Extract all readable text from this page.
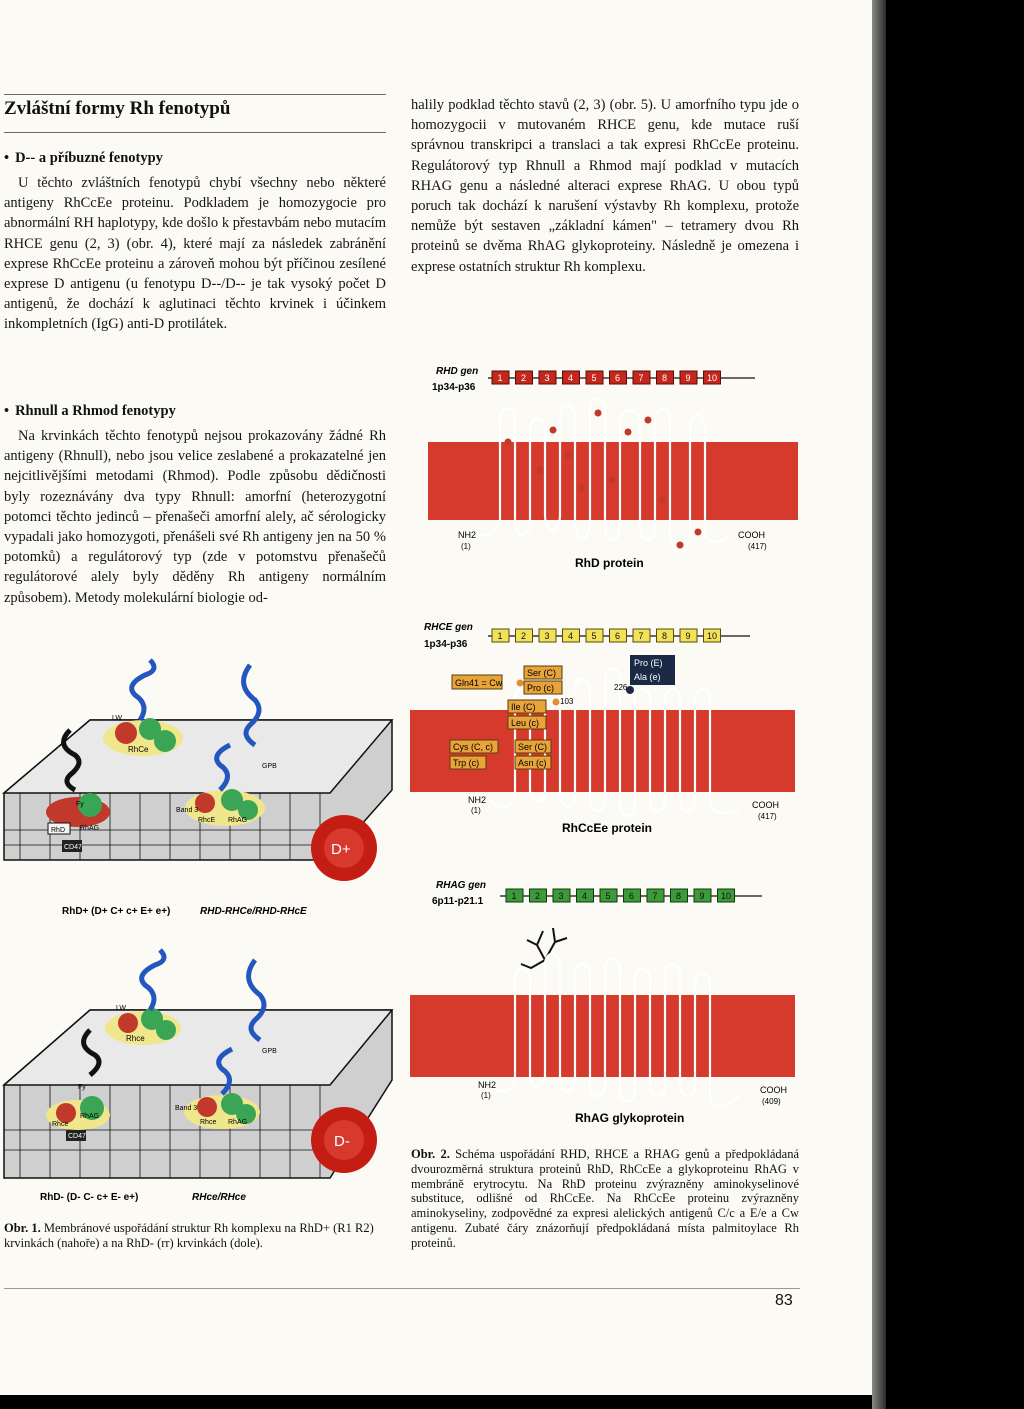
Zvláštní formy Rh fenotypů
• D-- a příbuzné fenotypy

U těchto zvláštních fenotypů chybí všechny nebo některé antigeny RhCcEe proteinu. Podkladem je homozygocie pro abnormální RH haplotypy, kde došlo k přestavbám nebo mutacím RHCE genu (2, 3) (obr. 4), které mají za následek zabránění exprese RhCcEe proteinu a zároveň mohou být příčinou zesílené exprese D antigenu (u fenotypu D--/D-- je tak vysoký počet D antigenů, že dochází k aglutinaci těchto krvinek i účinkem inkompletních (IgG) anti-D protilátek.

• Rhnull a Rhmod fenotypy

Na krvinkách těchto fenotypů nejsou prokazovány žádné Rh antigeny (Rhnull), nebo jsou velice zeslabené a prokazatelné jen nejcitlivějšími metodami (Rhmod). Podle způsobu dědičnosti byly rozeznávány dva typy Rhnull: amorfní (heterozygotní potomci těchto jedinců – přenašeči amorfní alely, ač sérologicky vypadali jako homozygoti, přenášeli své Rh antigeny jen na 50 % potomků) a regulátorový typ (zde v potomstvu přenašečů regulátorové alely byly děděny Rh antigeny normálním způsobem). Metody molekulární biologie od-

halily podklad těchto stavů (2, 3) (obr. 5). U amorfního typu jde o homozygocii v mutovaném RHCE genu, kde mutace ruší správnou transkripci a translaci a tak expresi RhCcEe proteinu. Regulátorový typ Rhnull a Rhmod mají podklad v mutacích RHAG genu a následné alteraci exprese RhAG. U obou typů poruch tak dochází k narušení výstavby Rh komplexu, protože nemůže být sestaven „základní kámen" – tetramery dvou Rh proteinů se dvěma RhAG glykoproteiny. Následně je omezena i exprese ostatních struktur Rh komplexu.

RhCe
GPB
RhD RhAG
CD47
Fy
RhcE RhAG
Band 3
LW
D+
RhD+ (D+ C+ c+ E+ e+)	RHD-RHCe/RHD-RHcE
Rhce
GPB
Rhce
RhAG
CD47
Fy
Rhce RhAG
Band 3
LW
D-
RhD- (D- C- c+ E- e+)	RHce/RHce

Obr. 1. Membránové uspořádání struktur Rh komplexu na RhD+ (R1 R2) krvinkách (nahoře) a na RhD- (rr) krvinkách (dole).

RHD gen
1p34-p36
1 2 3 4 5 6 7 8 9 10
NH2
(1)
COOH
(417)
RhD protein
RHCE gen
1p34-p36
1 2 3 4 5 6 7 8 9 10
Gln41 = Cw
Ser (C)
Pro (c)
103
Ile (C)
Leu (c)
Cys (C, c)
Trp (c)
Ser (C)
Asn (c)
Pro (E)
Ala (e)
226
NH2
(1)
COOH
(417)
RhCcEe protein
RHAG gen
6p11-p21.1	1 2 3 4 5 6 7 8 9 10
NH2
(1)
COOH
(409)
RhAG glykoprotein

Obr. 2. Schéma uspořádání RHD, RHCE a RHAG genů a předpokládaná dvourozměrná struktura proteinů RhD, RhCcEe a glykoproteinu RhAG v membráně erytrocytu. Na RhD proteinu zvýrazněny aminokyselinové substituce, odlišné od RhCcEe. Na RhCcEe proteinu zvýrazněny aminokyseliny, zodpovědné za expresi alelických antigenů C/c a E/e a Cw antigenu. Zubaté čáry znázorňují předpokládaná místa palmitoylace Rh proteinů.

83
